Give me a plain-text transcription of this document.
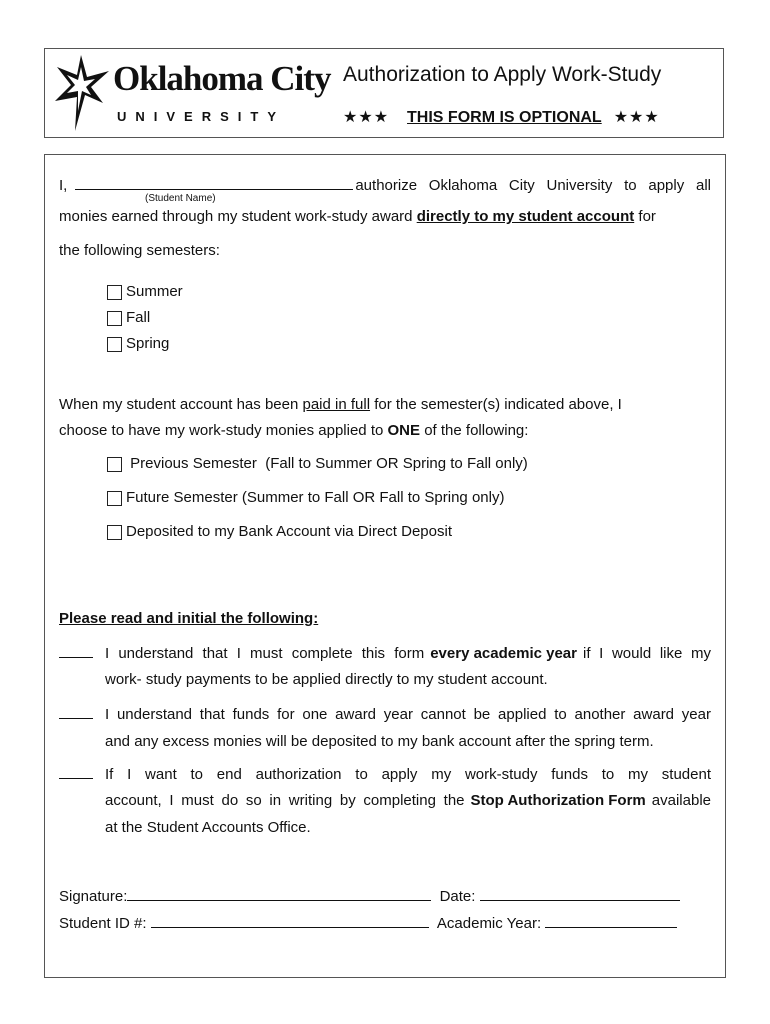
Oklahoma City
UNIVERSITY
Authorization to Apply Work-Study
★★★ THIS FORM IS OPTIONAL ★★★
I,	authorize Oklahoma City University to apply all
(Student Name)
monies earned through my student work-study award directly to my student account for
the following semesters:
Summer
Fall
Spring
When my student account has been paid in full for the semester(s) indicated above, I
choose to have my work-study monies applied to ONE of the following:
Previous Semester  (Fall to Summer OR Spring to Fall only)
Future Semester (Summer to Fall OR Fall to Spring only)
Deposited to my Bank Account via Direct Deposit
Please read and initial the following:
I understand that I must complete this form every academic year if I would like my
work- study payments to be applied directly to my student account.
I understand that funds for one award year cannot be applied to another award year
and any excess monies will be deposited to my bank account after the spring term.
If I want to end authorization to apply my work-study funds to my student
account, I must do so in writing by completing the Stop Authorization Form available
at the Student Accounts Office.
Signature:	Date:
Student ID #:	Academic Year:
